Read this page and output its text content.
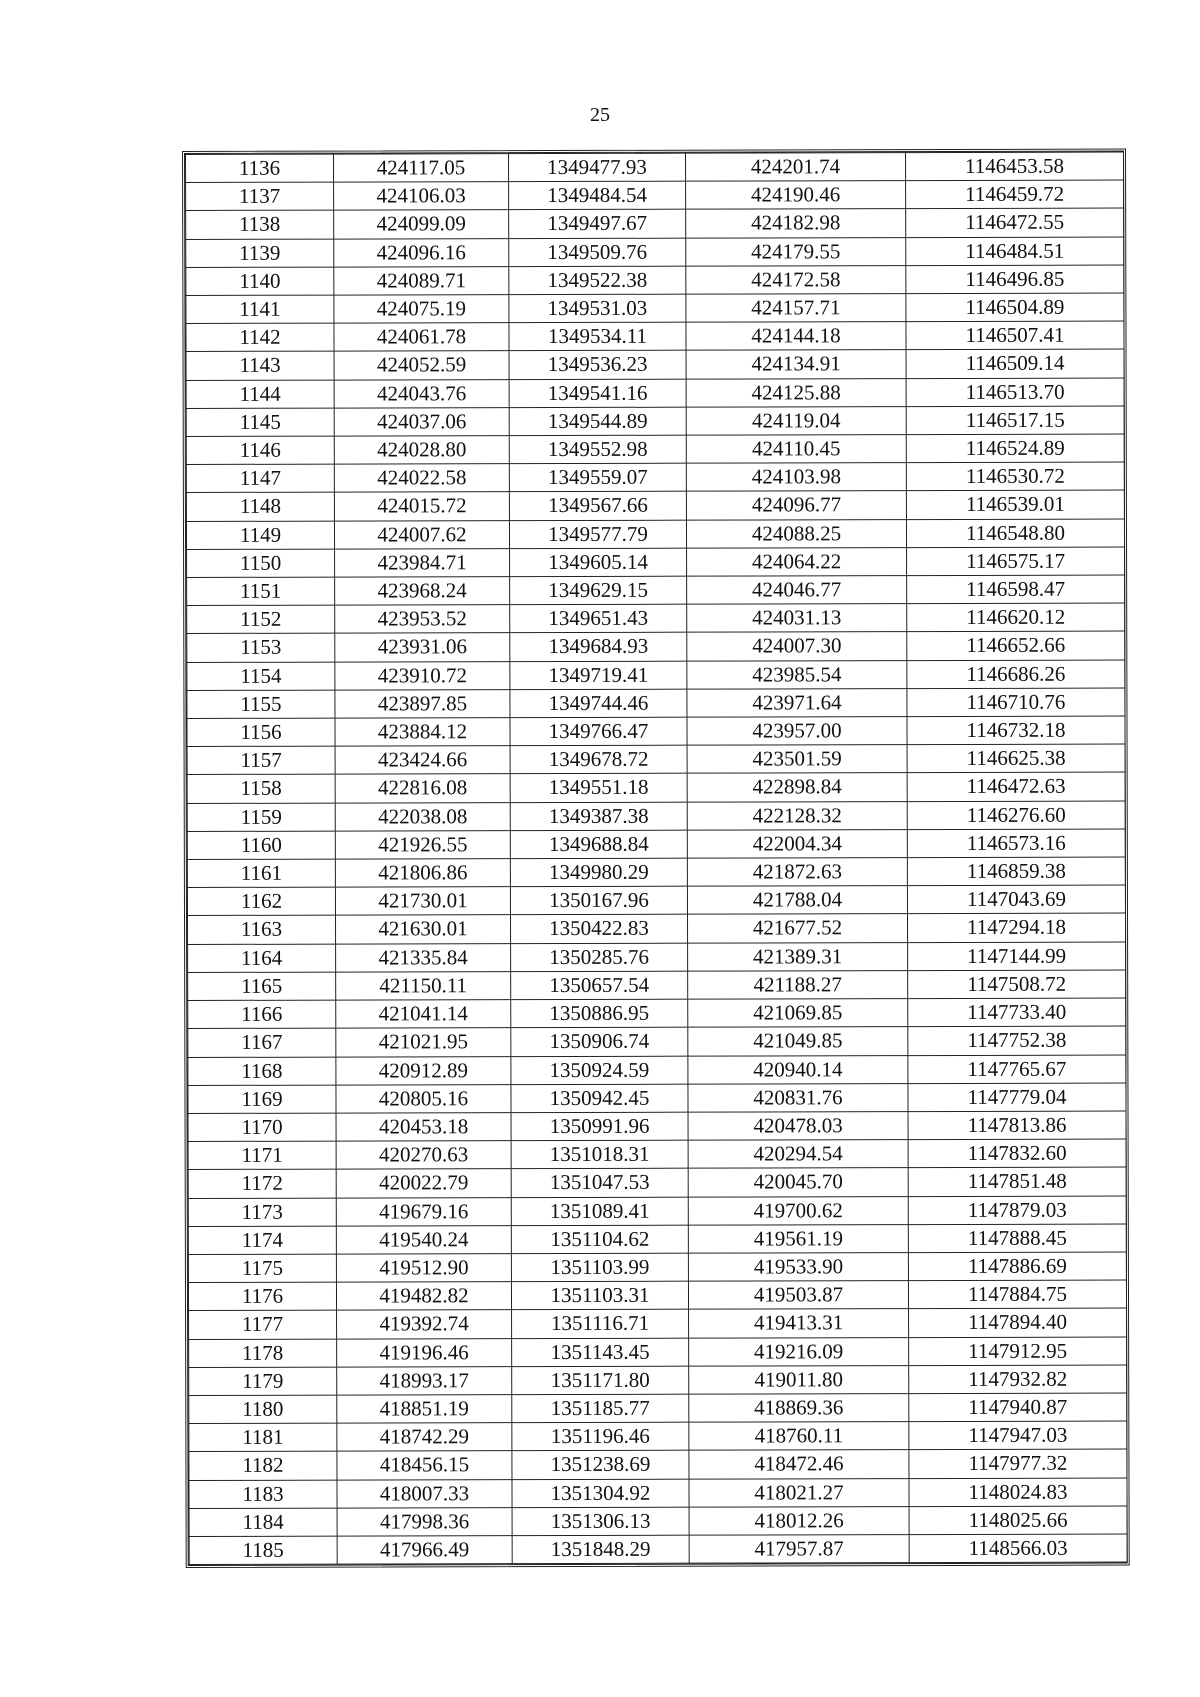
25
1136	424117.05	1349477.93	424201.74	1146453.58
1137	424106.03	1349484.54	424190.46	1146459.72
1138	424099.09	1349497.67	424182.98	1146472.55
1139	424096.16	1349509.76	424179.55	1146484.51
1140	424089.71	1349522.38	424172.58	1146496.85
1141	424075.19	1349531.03	424157.71	1146504.89
1142	424061.78	1349534.11	424144.18	1146507.41
1143	424052.59	1349536.23	424134.91	1146509.14
1144	424043.76	1349541.16	424125.88	1146513.70
1145	424037.06	1349544.89	424119.04	1146517.15
1146	424028.80	1349552.98	424110.45	1146524.89
1147	424022.58	1349559.07	424103.98	1146530.72
1148	424015.72	1349567.66	424096.77	1146539.01
1149	424007.62	1349577.79	424088.25	1146548.80
1150	423984.71	1349605.14	424064.22	1146575.17
1151	423968.24	1349629.15	424046.77	1146598.47
1152	423953.52	1349651.43	424031.13	1146620.12
1153	423931.06	1349684.93	424007.30	1146652.66
1154	423910.72	1349719.41	423985.54	1146686.26
1155	423897.85	1349744.46	423971.64	1146710.76
1156	423884.12	1349766.47	423957.00	1146732.18
1157	423424.66	1349678.72	423501.59	1146625.38
1158	422816.08	1349551.18	422898.84	1146472.63
1159	422038.08	1349387.38	422128.32	1146276.60
1160	421926.55	1349688.84	422004.34	1146573.16
1161	421806.86	1349980.29	421872.63	1146859.38
1162	421730.01	1350167.96	421788.04	1147043.69
1163	421630.01	1350422.83	421677.52	1147294.18
1164	421335.84	1350285.76	421389.31	1147144.99
1165	421150.11	1350657.54	421188.27	1147508.72
1166	421041.14	1350886.95	421069.85	1147733.40
1167	421021.95	1350906.74	421049.85	1147752.38
1168	420912.89	1350924.59	420940.14	1147765.67
1169	420805.16	1350942.45	420831.76	1147779.04
1170	420453.18	1350991.96	420478.03	1147813.86
1171	420270.63	1351018.31	420294.54	1147832.60
1172	420022.79	1351047.53	420045.70	1147851.48
1173	419679.16	1351089.41	419700.62	1147879.03
1174	419540.24	1351104.62	419561.19	1147888.45
1175	419512.90	1351103.99	419533.90	1147886.69
1176	419482.82	1351103.31	419503.87	1147884.75
1177	419392.74	1351116.71	419413.31	1147894.40
1178	419196.46	1351143.45	419216.09	1147912.95
1179	418993.17	1351171.80	419011.80	1147932.82
1180	418851.19	1351185.77	418869.36	1147940.87
1181	418742.29	1351196.46	418760.11	1147947.03
1182	418456.15	1351238.69	418472.46	1147977.32
1183	418007.33	1351304.92	418021.27	1148024.83
1184	417998.36	1351306.13	418012.26	1148025.66
1185	417966.49	1351848.29	417957.87	1148566.03
